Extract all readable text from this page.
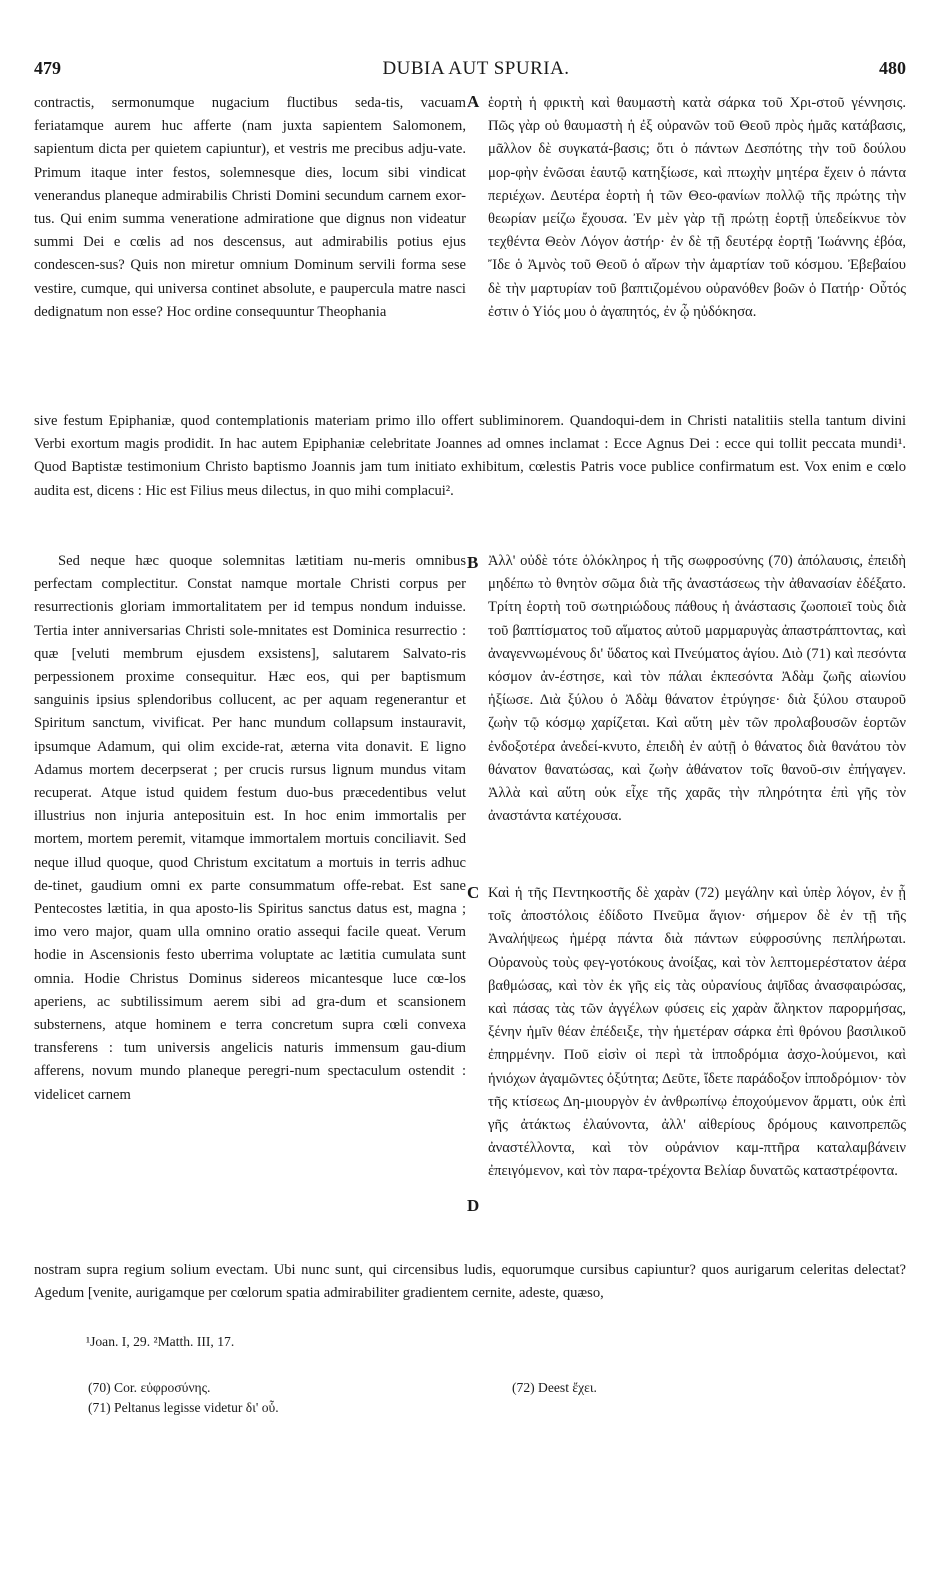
479	DUBIA AUT SPURIA.	480

contractis, sermonumque nugacium fluctibus seda-tis, vacuam feriatamque aurem huc afferte (nam juxta sapientem Salomonem, sapientum dicta per quietem capiuntur), et vestris me precibus adju-vate. Primum itaque inter festos, solemnesque dies, locum sibi vindicat venerandus planeque admirabilis Christi Domini secundum carnem exor-tus. Qui enim summa veneratione admiratione que dignus non videatur summi Dei e cœlis ad nos descensus, aut admirabilis potius ejus condescen-sus? Quis non miretur omnium Dominum servili forma sese vestire, cumque, qui universa continet absolute, e paupercula matre nasci dedignatum non esse? Hoc ordine consequuntur Theophania

A ἑορτὴ ἡ φρικτὴ καὶ θαυμαστὴ κατὰ σάρκα τοῦ Χρι-στοῦ γέννησις. Πῶς γὰρ οὐ θαυμαστὴ ἡ ἐξ οὐρανῶν τοῦ Θεοῦ πρὸς ἡμᾶς κατάβασις, μᾶλλον δὲ συγκατά-βασις; ὅτι ὁ πάντων Δεσπότης τὴν τοῦ δούλου μορ-φὴν ἐνῶσαι ἑαυτῷ κατηξίωσε, καὶ πτωχὴν μητέρα ἔχειν ὁ πάντα περιέχων. Δευτέρα ἑορτὴ ἡ τῶν Θεο-φανίων πολλῷ τῆς πρώτης τὴν θεωρίαν μείζω ἔχουσα. Ἐν μὲν γὰρ τῇ πρώτῃ ἑορτῇ ὑπεδείκνυε τὸν τεχθέντα Θεὸν Λόγον ἀστήρ· ἐν δὲ τῇ δευτέρᾳ ἑορτῇ Ἰωάννης ἐβόα, Ἴδε ὁ Ἀμνὸς τοῦ Θεοῦ ὁ αἴρων τὴν ἁμαρτίαν τοῦ κόσμου. Ἐβεβαίου δὲ τὴν μαρτυρίαν τοῦ βαπτιζομένου οὐρανόθεν βοῶν ὁ Πατήρ· Οὗτός ἐστιν ὁ Υἱός μου ὁ ἀγαπητός, ἐν ᾧ ηὐδόκησα.

sive festum Epiphaniæ, quod contemplationis materiam primo illo offert subliminorem. Quandoqui-dem in Christi natalitiis stella tantum divini Verbi exortum magis prodidit. In hac autem Epiphaniæ celebritate Joannes ad omnes inclamat : Ecce Agnus Dei : ecce qui tollit peccata mundi¹. Quod Baptistæ testimonium Christo baptismo Joannis jam tum initiato exhibitum, cœlestis Patris voce publice confirmatum est. Vox enim e cœlo audita est, dicens : Hic est Filius meus dilectus, in quo mihi complacui².

Sed neque hæc quoque solemnitas lætitiam nu-meris omnibus perfectam complectitur. Constat namque mortale Christi corpus per resurrectionis gloriam immortalitatem per id tempus nondum induisse. Tertia inter anniversarias Christi sole-mnitates est Dominica resurrectio : quæ [veluti membrum ejusdem exsistens], salutarem Salvato-ris perpessionem proxime consequitur. Hæc eos, qui per baptismum sanguinis ipsius splendoribus collucent, ac per aquam regenerantur et Spiritum sanctum, vivificat. Per hanc mundum collapsum instauravit, ipsumque Adamum, qui olim excide-rat, æterna vita donavit. E ligno Adamus mortem decerpserat ; per crucis rursus lignum mundus vitam recuperat. Atque istud quidem festum duo-bus præcedentibus velut illustrius non injuria anteposituin est. In hoc enim immortalis per mortem, mortem peremit, vitamque immortalem mortuis conciliavit. Sed neque illud quoque, quod Christum excitatum a mortuis in terris adhuc de-tinet, gaudium omni ex parte consummatum offe-rebat. Est sane Pentecostes lætitia, in qua aposto-lis Spiritus sanctus datus est, magna ; imo vero major, quam ulla omnino oratio assequi facile queat. Verum hodie in Ascensionis festo uberrima voluptate ac lætitia cumulata sunt omnia. Hodie Christus Dominus sidereos micantesque luce cœ-los aperiens, ac subtilissimum aerem sibi ad gra-dum et scansionem substernens, atque hominem e terra concretum supra cœli convexa transferens : tum universis angelicis naturis immensum gau-dium afferens, novum mundo planeque peregri-num spectaculum ostendit : videlicet carnem

B Ἀλλ' οὐδὲ τότε ὁλόκληρος ἡ τῆς σωφροσύνης (70) ἀπόλαυσις, ἐπειδὴ μηδέπω τὸ θνητὸν σῶμα διὰ τῆς ἀναστάσεως τὴν ἀθανασίαν ἐδέξατο. Τρίτη ἑορτὴ τοῦ σωτηριώδους πάθους ἡ ἀνάστασις ζωοποιεῖ τοὺς διὰ τοῦ βαπτίσματος τοῦ αἵματος αὐτοῦ μαρμαρυγὰς ἀπαστράπτοντας, καὶ ἀναγεννωμένους δι' ὕδατος καὶ Πνεύματος ἁγίου. Διὸ (71) καὶ πεσόντα κόσμον ἀν-έστησε, καὶ τὸν πάλαι ἐκπεσόντα Ἀδὰμ ζωῆς αἰωνίου ἠξίωσε. Διὰ ξύλου ὁ Ἀδὰμ θάνατον ἐτρύγησε· διὰ ξύλου σταυροῦ ζωὴν τῷ κόσμῳ χαρίζεται. Καὶ αὕτη μὲν τῶν προλαβουσῶν ἑορτῶν ἐνδοξοτέρα ἀνεδεί-κνυτο, ἐπειδὴ ἐν αὐτῇ ὁ θάνατος διὰ θανάτου τὸν θάνατον θανατώσας, καὶ ζωὴν ἀθάνατον τοῖς θανοῦ-σιν ἐπήγαγεν. Ἀλλὰ καὶ αὕτη οὐκ εἶχε τῆς χαρᾶς τὴν πληρότητα ἐπὶ γῆς τὸν ἀναστάντα κατέχουσα.

C Καὶ ἡ τῆς Πεντηκοστῆς δὲ χαρὰν (72) μεγάλην καὶ ὑπὲρ λόγον, ἐν ᾗ τοῖς ἀποστόλοις ἐδίδοτο Πνεῦμα ἅγιον· σήμερον δὲ ἐν τῇ τῆς Ἀναλήψεως ἡμέρᾳ πάντα διὰ πάντων εὐφροσύνης πεπλήρωται. Οὐρανοὺς τοὺς φεγ-γοτόκους ἀνοίξας, καὶ τὸν λεπτομερέστατον ἀέρα βαθμώσας, καὶ τὸν ἐκ γῆς εἰς τὰς οὐρανίους ἁψῖδας ἀνασφαιρώσας, καὶ πάσας τὰς τῶν ἀγγέλων φύσεις εἰς χαρὰν ἄληκτον παρορμήσας, ξένην ἡμῖν θέαν ἐπέδειξε, τὴν ἡμετέραν σάρκα ἐπὶ θρόνου βασιλικοῦ ἐπηρμένην. Ποῦ εἰσὶν οἱ περὶ τὰ ἱπποδρόμια ἀσχο-λούμενοι, καὶ ἡνιόχων ἀγαμῶντες ὀξύτητα; Δεῦτε, ἴδετε παράδοξον ἱπποδρόμιον· τὸν τῆς κτίσεως Δη-μιουργὸν ἐν ἀνθρωπίνῳ ἐποχούμενον ἅρματι, οὐκ ἐπὶ γῆς ἀτάκτως ἐλαύνοντα, ἀλλ' αἰθερίους δρόμους καινοπρεπῶς ἀναστέλλοντα, καὶ τὸν οὐράνιον καμ-πτῆρα καταλαμβάνειν ἐπειγόμενον, καὶ τὸν παρα-τρέχοντα Βελίαρ δυνατῶς καταστρέφοντα.

D

nostram supra regium solium evectam. Ubi nunc sunt, qui circensibus ludis, equorumque cursibus capiuntur? quos aurigarum celeritas delectat? Agedum [venite, aurigamque per cœlorum spatia admirabiliter gradientem cernite, adeste, quæso,

¹Joan. I, 29. ²Matth. III, 17.
(70) Cor. εὐφροσύνης.
(71) Peltanus legisse videtur δι' οὗ.
(72) Deest ἔχει.
